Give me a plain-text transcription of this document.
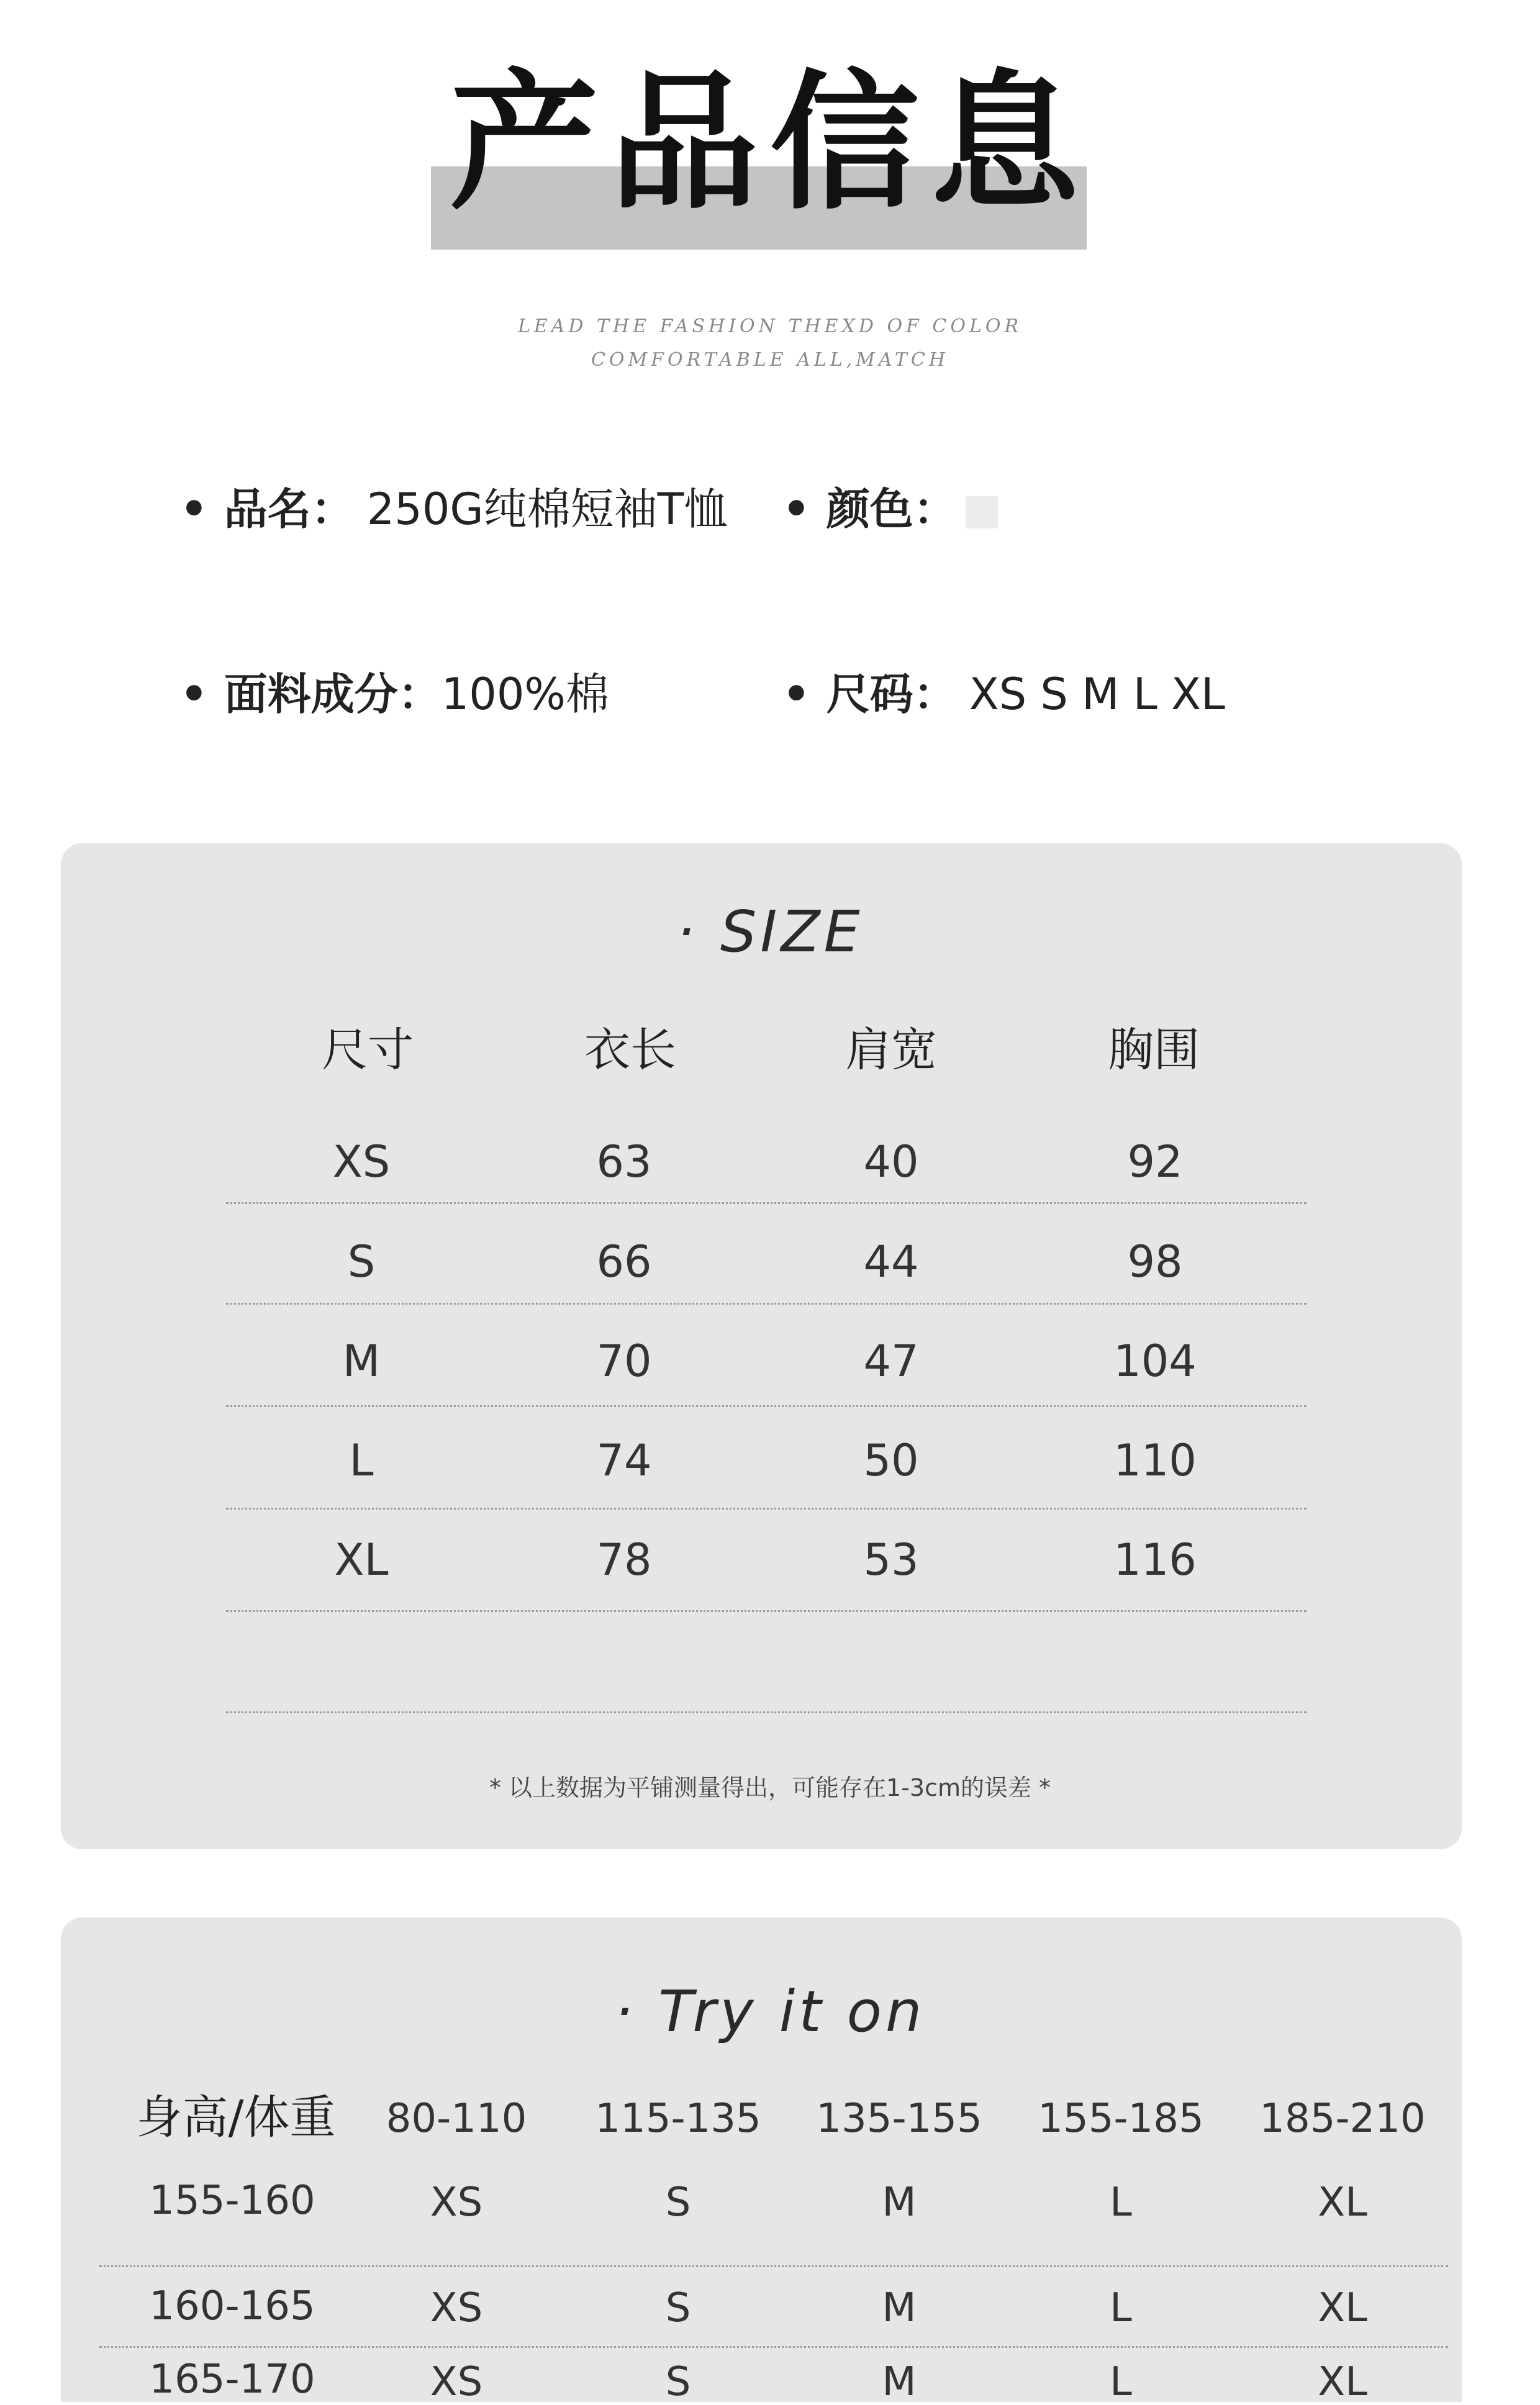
产品信息
LEAD THE FASHION THEXD OF COLOR
COMFORTABLE ALL,MATCH
• 品名： 250G纯棉短袖T恤 • 颜色：
• 面料成分：100%棉	• 尺码： XS S M L XL
· SIZE
尺寸	衣长	肩宽	胸围
XS	63	40	92
S	66	44	98
M	70	47	104
L	74	50	110
XL	78	53	116
* 以上数据为平铺测量得出，可能存在1-3cm的误差 *
· Try it on
身高/体重	80-110	115-135	135-155	155-185	185-210
155-160	XS	S	M	L	XL
160-165	XS	S	M	L	XL
165-170	XS	S	M	L	XL
